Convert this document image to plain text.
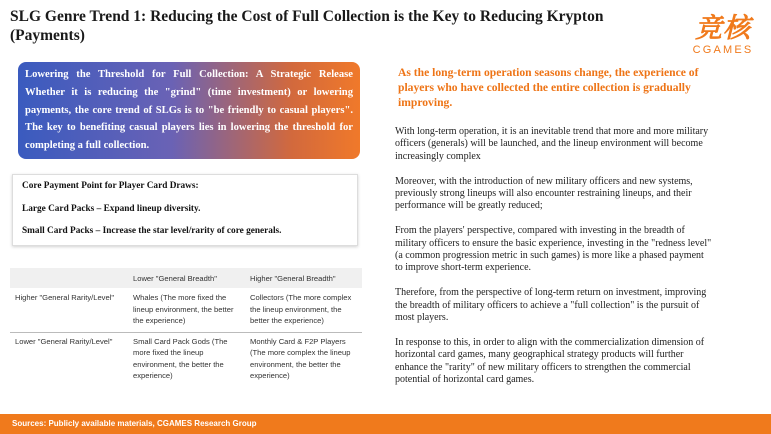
SLG Genre Trend 1: Reducing the Cost of Full Collection is the Key to Reducing Krypton (Payments)	竞核
CGAMES
Lowering the Threshold for Full Collection: A Strategic Release Whether it is reducing the "grind" (time investment) or lowering payments, the core trend of SLGs is to "be friendly to casual players". The key to benefiting casual players lies in lowering the threshold for completing a full collection.
As the long-term operation seasons change, the experience of players who have collected the entire collection is gradually improving.

Core Payment Point for Player Card Draws:

Large Card Packs – Expand lineup diversity.

Small Card Packs – Increase the star level/rarity of core generals.

	Lower "General Breadth"	Higher "General Breadth"
Higher "General Rarity/Level"	Whales (The more fixed the lineup environment, the better the experience)	Collectors (The more complex the lineup environment, the better the experience)
Lower "General Rarity/Level"	Small Card Pack Gods (The more fixed the lineup environment, the better the experience)	Monthly Card & F2P Players (The more complex the lineup environment, the better the experience)

With long-term operation, it is an inevitable trend that more and more military officers (generals) will be launched, and the lineup environment will become increasingly complex

Moreover, with the introduction of new military officers and new systems, previously strong lineups will also encounter restraining lineups, and their performance will be greatly reduced;

From the players' perspective, compared with investing in the breadth of military officers to ensure the basic experience, investing in the "redness level" (a common progression metric in such games) is more like a phased payment to improve short-term experience.

Therefore, from the perspective of long-term return on investment, improving the breadth of military officers to achieve a "full collection" is the pursuit of most players.

In response to this, in order to align with the commercialization dimension of horizontal card games, many geographical strategy products will further enhance the "rarity" of new military officers to strengthen the commercial potential of horizontal card games.

Sources: Publicly available materials, CGAMES Research Group
